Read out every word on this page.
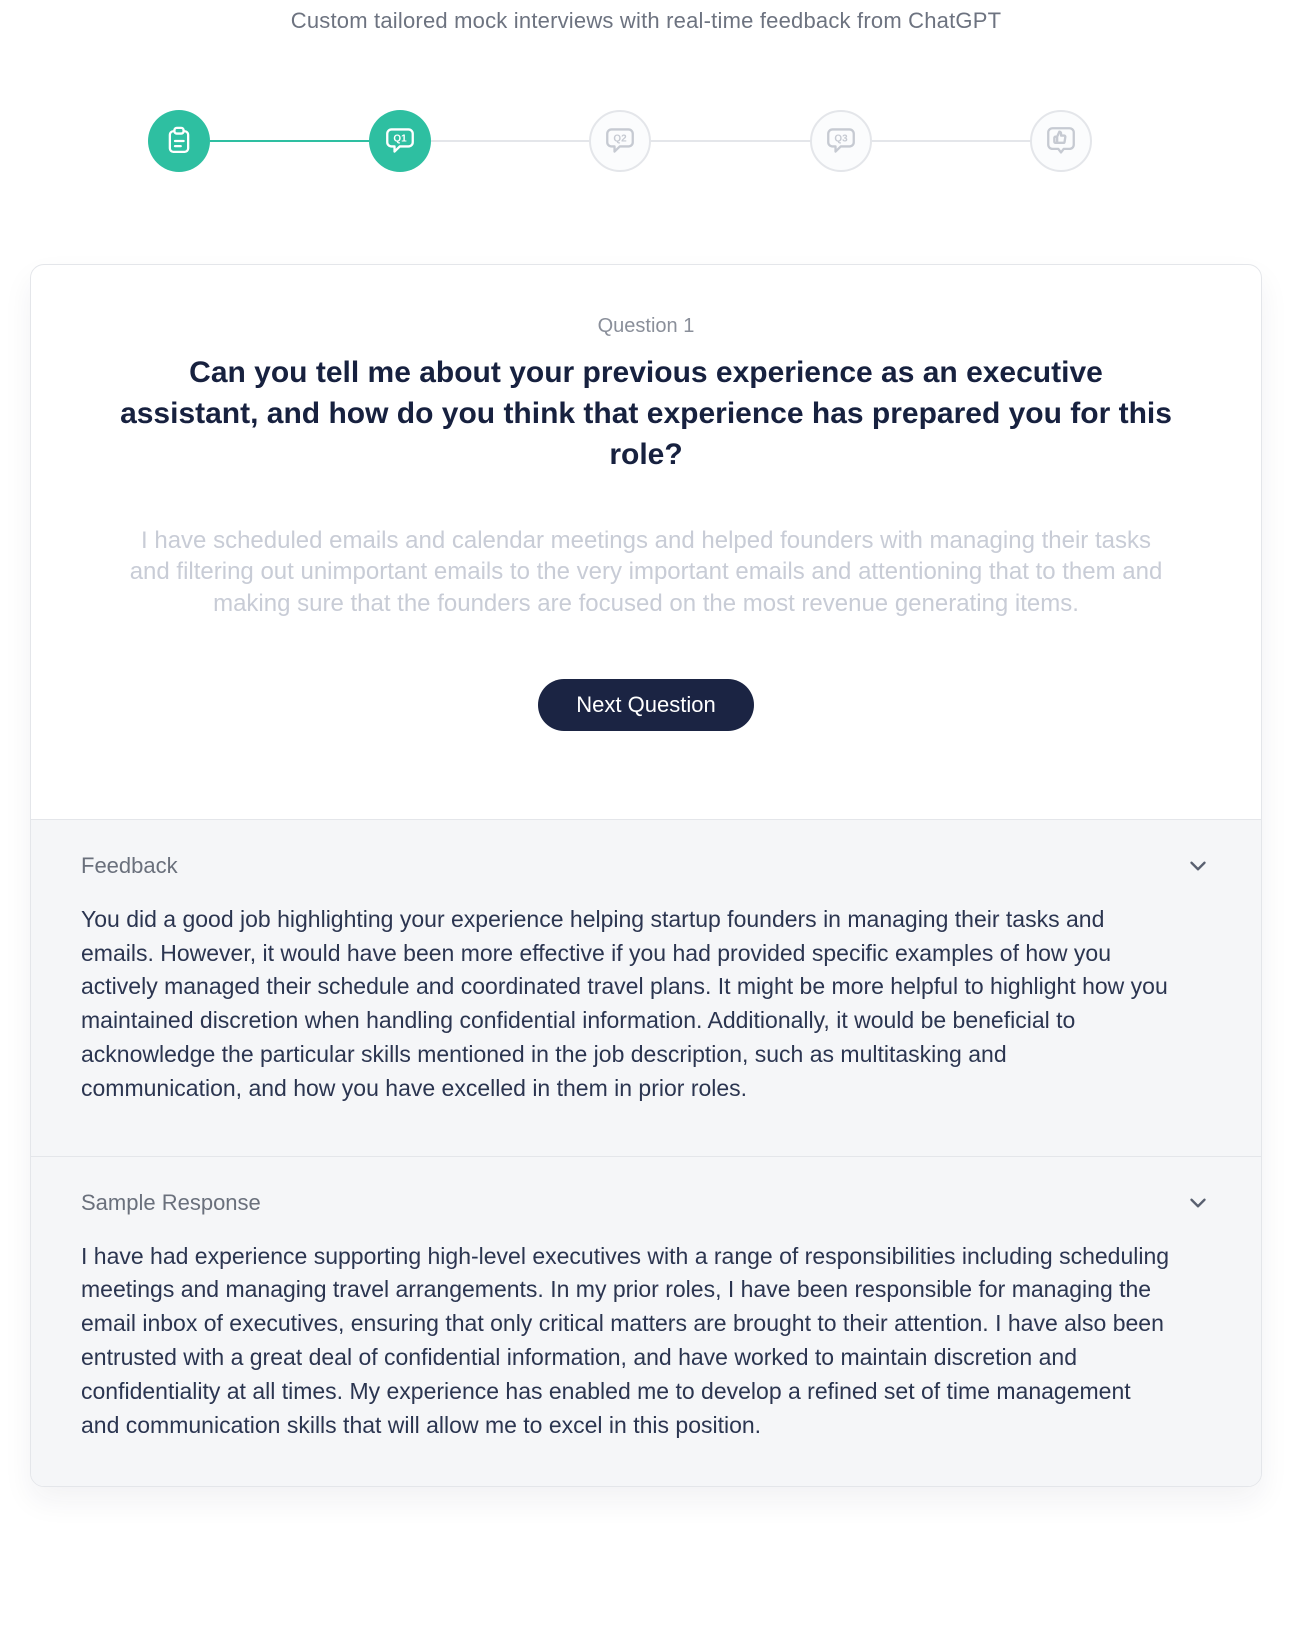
Custom tailored mock interviews with real-time feedback from ChatGPT
Q1	Q2	Q3
Question 1
Can you tell me about your previous experience as an executive assistant, and how do you think that experience has prepared you for this role?
I have scheduled emails and calendar meetings and helped founders with managing their tasks and filtering out unimportant emails to the very important emails and attentioning that to them and making sure that the founders are focused on the most revenue generating items.
Next Question
Feedback
You did a good job highlighting your experience helping startup founders in managing their tasks and emails. However, it would have been more effective if you had provided specific examples of how you actively managed their schedule and coordinated travel plans. It might be more helpful to highlight how you maintained discretion when handling confidential information. Additionally, it would be beneficial to acknowledge the particular skills mentioned in the job description, such as multitasking and communication, and how you have excelled in them in prior roles.
Sample Response
I have had experience supporting high-level executives with a range of responsibilities including scheduling meetings and managing travel arrangements. In my prior roles, I have been responsible for managing the email inbox of executives, ensuring that only critical matters are brought to their attention. I have also been entrusted with a great deal of confidential information, and have worked to maintain discretion and confidentiality at all times. My experience has enabled me to develop a refined set of time management and communication skills that will allow me to excel in this position.
